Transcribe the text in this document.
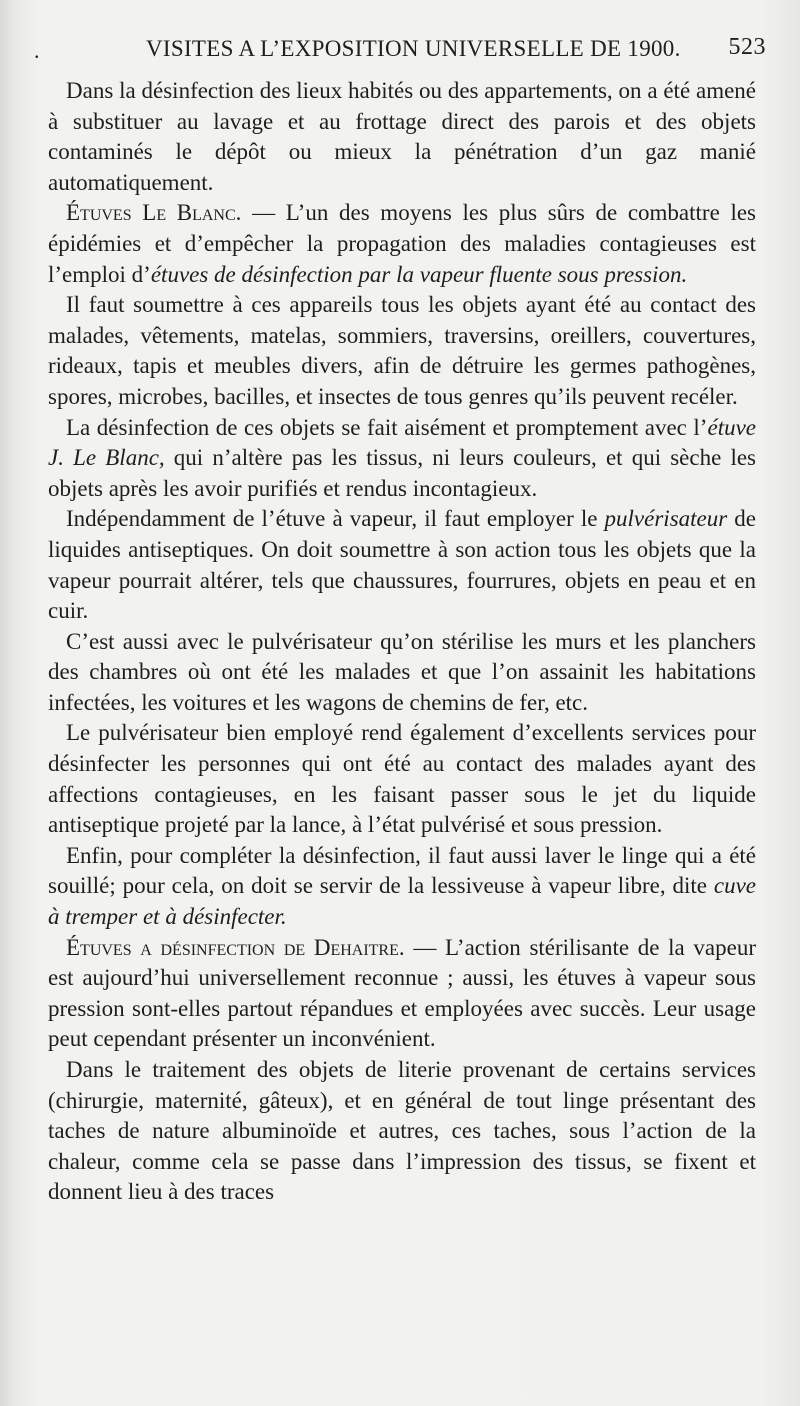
.	VISITES A L’EXPOSITION UNIVERSELLE DE 1900. 523

Dans la désinfection des lieux habités ou des appartements, on a été amené à substituer au lavage et au frottage direct des parois et des objets contaminés le dépôt ou mieux la pénétration d’un gaz manié automatiquement.

Étuves Le Blanc. — L’un des moyens les plus sûrs de combattre les épidémies et d’empêcher la propagation des maladies contagieuses est l’emploi d’étuves de désinfection par la vapeur fluente sous pression.

Il faut soumettre à ces appareils tous les objets ayant été au contact des malades, vêtements, matelas, sommiers, traversins, oreillers, couvertures, rideaux, tapis et meubles divers, afin de détruire les germes pathogènes, spores, microbes, bacilles, et insectes de tous genres qu’ils peuvent recéler.

La désinfection de ces objets se fait aisément et promptement avec l’étuve J. Le Blanc, qui n’altère pas les tissus, ni leurs couleurs, et qui sèche les objets après les avoir purifiés et rendus incontagieux.

Indépendamment de l’étuve à vapeur, il faut employer le pulvérisateur de liquides antiseptiques. On doit soumettre à son action tous les objets que la vapeur pourrait altérer, tels que chaussures, fourrures, objets en peau et en cuir.

C’est aussi avec le pulvérisateur qu’on stérilise les murs et les planchers des chambres où ont été les malades et que l’on assainit les habitations infectées, les voitures et les wagons de chemins de fer, etc.

Le pulvérisateur bien employé rend également d’excellents services pour désinfecter les personnes qui ont été au contact des malades ayant des affections contagieuses, en les faisant passer sous le jet du liquide antiseptique projeté par la lance, à l’état pulvérisé et sous pression.

Enfin, pour compléter la désinfection, il faut aussi laver le linge qui a été souillé; pour cela, on doit se servir de la lessiveuse à vapeur libre, dite cuve à tremper et à désinfecter.

Étuves a désinfection de Dehaitre. — L’action stérilisante de la vapeur est aujourd’hui universellement reconnue ; aussi, les étuves à vapeur sous pression sont-elles partout répandues et employées avec succès. Leur usage peut cependant présenter un inconvénient.

Dans le traitement des objets de literie provenant de certains services (chirurgie, maternité, gâteux), et en général de tout linge présentant des taches de nature albuminoïde et autres, ces taches, sous l’action de la chaleur, comme cela se passe dans l’impression des tissus, se fixent et donnent lieu à des traces
